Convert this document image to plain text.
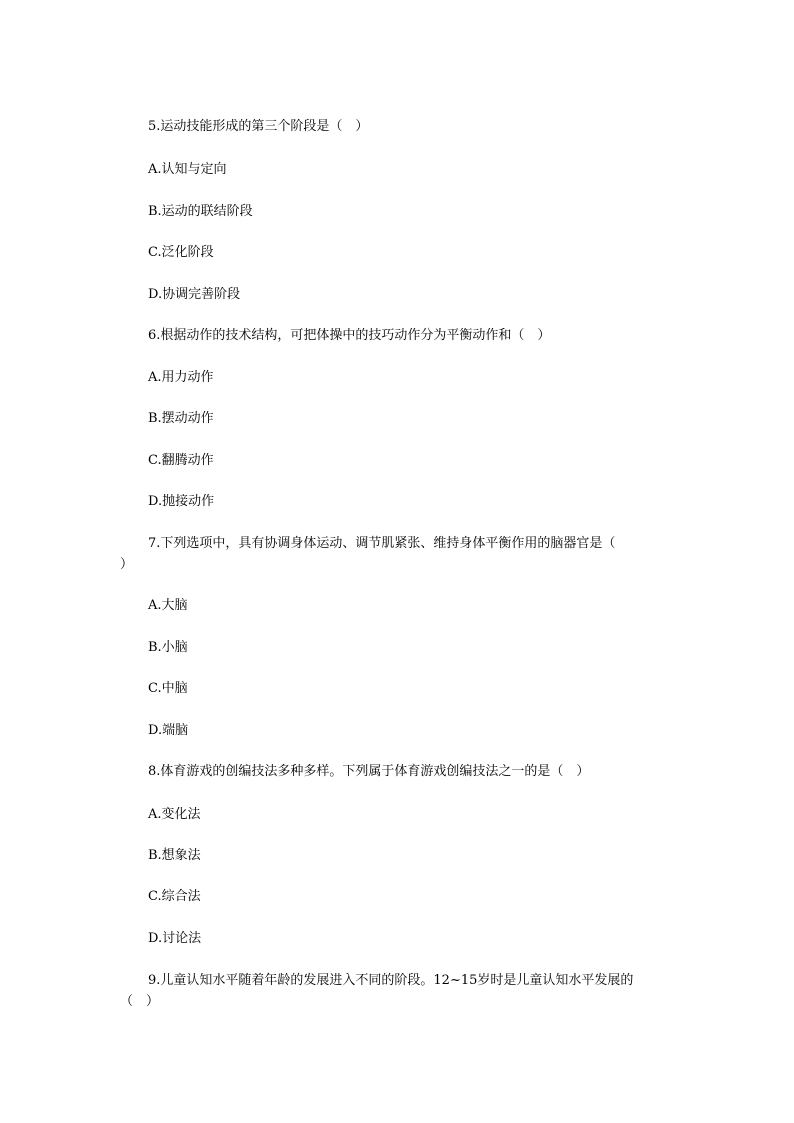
5.运动技能形成的第三个阶段是（　）
A.认知与定向
B.运动的联结阶段
C.泛化阶段
D.协调完善阶段
6.根据动作的技术结构，可把体操中的技巧动作分为平衡动作和（　）
A.用力动作
B.摆动动作
C.翻腾动作
D.抛接动作
7.下列选项中，具有协调身体运动、调节肌紧张、维持身体平衡作用的脑器官是（
）
A.大脑
B.小脑
C.中脑
D.端脑
8.体育游戏的创编技法多种多样。下列属于体育游戏创编技法之一的是（　）
A.变化法
B.想象法
C.综合法
D.讨论法
9.儿童认知水平随着年龄的发展进入不同的阶段。12~15岁时是儿童认知水平发展的
（　）
